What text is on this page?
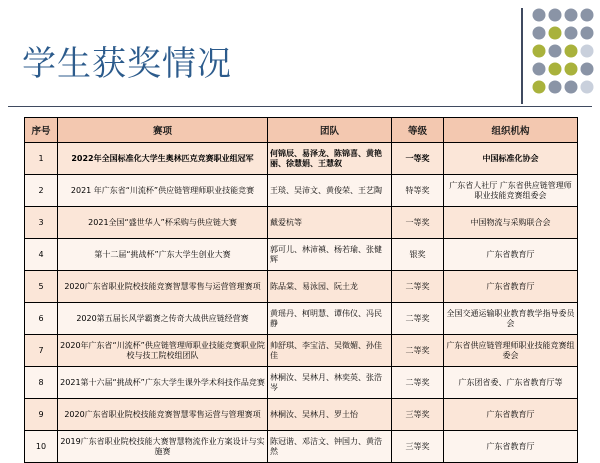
学生获奖情况
序号	赛项	团队	等级	组织机构
1	2022年全国标准化大学生奥林匹克竞赛职业组冠军	何锦辰、易泽龙、陈锦喜、黄艳丽、徐慧娟、王慧叙	一等奖	中国标准化协会
2	2021 年广东省“川流杯”供应链管理师职业技能竞赛	王琰、吴沛文、黄俊荣、王艺陶	特等奖	广东省人社厅 广东省供应链管理师职业技能竞赛组委会
3	2021全国“盛世华人”杯采购与供应链大赛	戴爱杭等	一等奖	中国物流与采购联合会
4	第十二届“挑战杯”广东大学生创业大赛	郭可儿、林沛禛、杨若瑜、张健辉	银奖	广东省教育厅
5	2020广东省职业院校技能竞赛智慧零售与运营管理赛项	陈品棠、易泳园、阮土龙	二等奖	广东省教育厅
6	2020第五届长风学霸赛之传奇大战供应链经营赛	黄瑶丹、柯明慧、谭伟仪、冯民静	二等奖	全国交通运输职业教育教学指导委员会
7	2020年广东省“川流杯”供应链管理师职业技能竞赛职业院校与技工院校组团队	帅舒琪、李宝洁、吴徵媚、孙佳佳	二等奖	广东省供应链管理师职业技能竞赛组委会
8	2021第十六届“挑战杯”广东大学生课外学术科技作品竞赛	林桐汝、吴林月、林奕英、张浩岑	二等奖	广东团省委、广东省教育厅等
9	2020广东省职业院校技能竞赛智慧零售运营与管理赛项	林桐汝、吴林月、罗土怡	三等奖	广东省教育厅
10	2019广东省职业院校技能大赛智慧物流作业方案设计与实施赛	陈冠谐、邓洁文、钟国力、黄浩然	三等奖	广东省教育厅
